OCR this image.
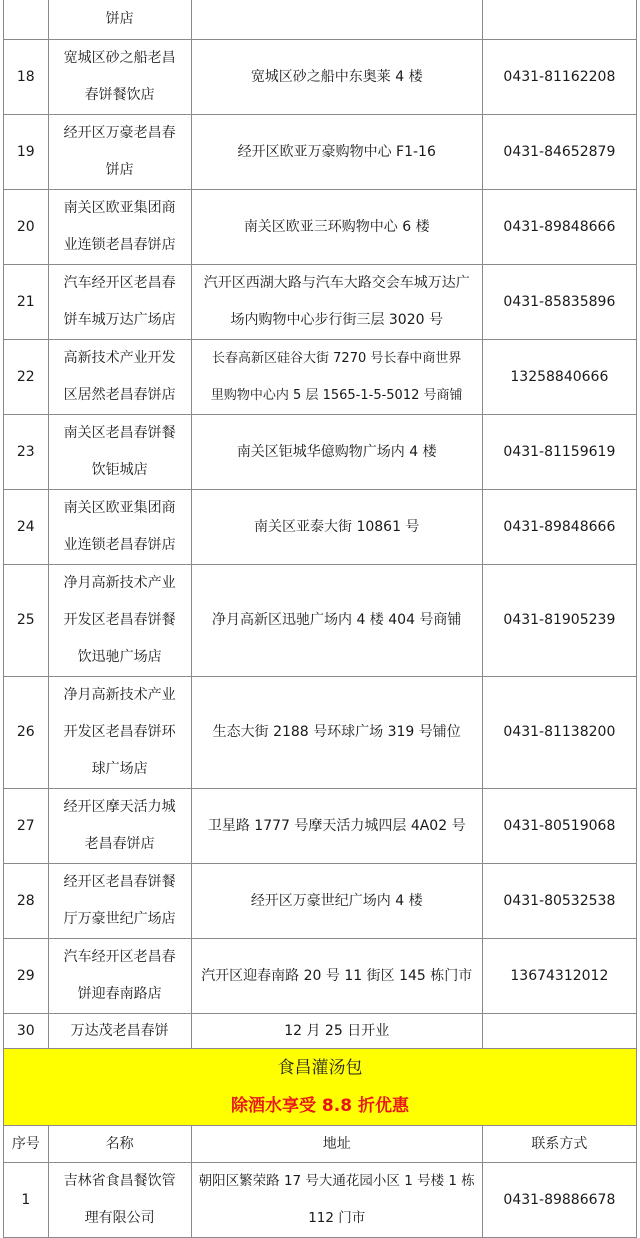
	饼店		

18	宽城区砂之船老昌
春饼餐饮店	宽城区砂之船中东奥莱 4 楼	0431-81162208
19	经开区万豪老昌春
饼店	经开区欧亚万豪购物中心 F1-16	0431-84652879
20	南关区欧亚集团商
业连锁老昌春饼店	南关区欧亚三环购物中心 6 楼	0431-89848666
21	汽车经开区老昌春
饼车城万达广场店	汽开区西湖大路与汽车大路交会车城万达广
场内购物中心步行街三层 3020 号	0431-85835896
22	高新技术产业开发
区居然老昌春饼店	长春高新区硅谷大街 7270 号长春中商世界
里购物中心内 5 层 1565-1-5-5012 号商铺	13258840666
23	南关区老昌春饼餐
饮钜城店	南关区钜城华億购物广场内 4 楼	0431-81159619
24	南关区欧亚集团商
业连锁老昌春饼店	南关区亚泰大街 10861 号	0431-89848666
25	净月高新技术产业
开发区老昌春饼餐
饮迅驰广场店	净月高新区迅驰广场内 4 楼 404 号商铺	0431-81905239
26	净月高新技术产业
开发区老昌春饼环
球广场店	生态大街 2188 号环球广场 319 号铺位	0431-81138200
27	经开区摩天活力城
老昌春饼店	卫星路 1777 号摩天活力城四层 4A02 号	0431-80519068
28	经开区老昌春饼餐
厅万豪世纪广场店	经开区万豪世纪广场内 4 楼	0431-80532538
29	汽车经开区老昌春
饼迎春南路店	汽开区迎春南路 20 号 11 街区 145 栋门市	13674312012
30	万达茂老昌春饼	12 月 25 日开业	

食昌灌汤包
除酒水享受 8.8 折优惠			

序号	名称	地址	联系方式
1	吉林省食昌餐饮管
理有限公司	朝阳区繁荣路 17 号大通花园小区 1 号楼 1 栋
112 门市	0431-89886678
